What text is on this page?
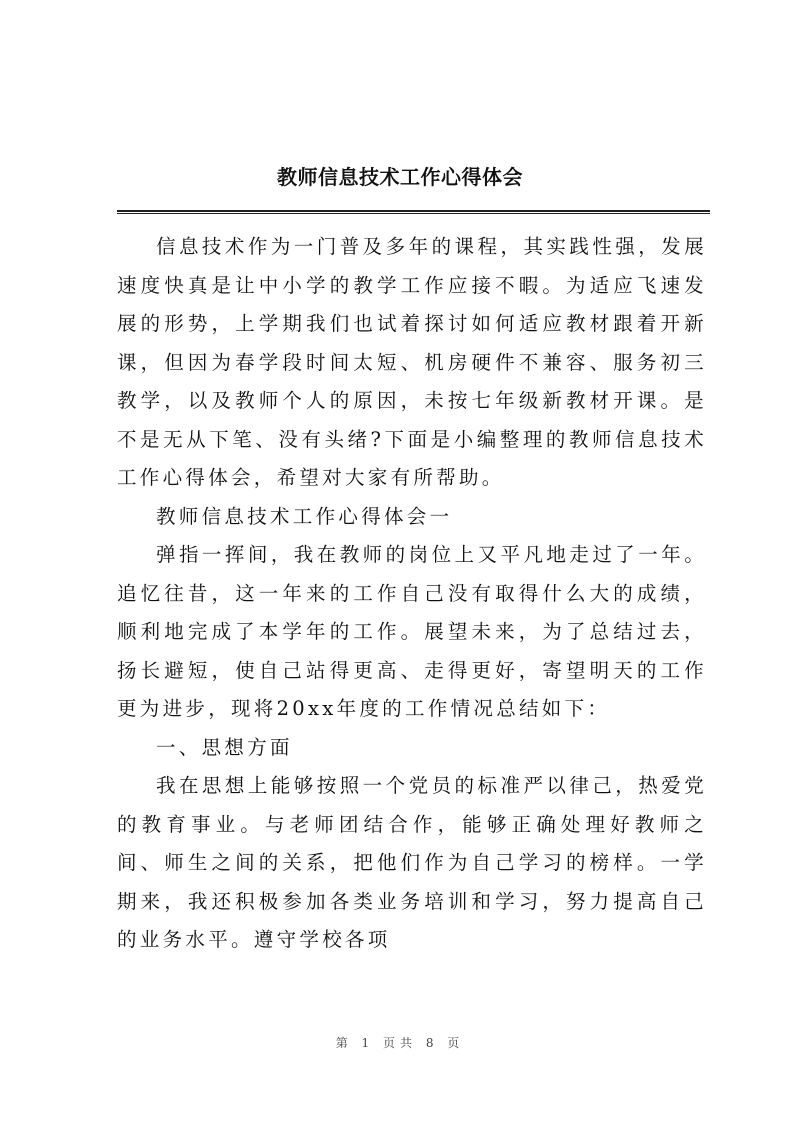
教师信息技术工作心得体会

信息技术作为一门普及多年的课程，其实践性强，发展速度快真是让中小学的教学工作应接不暇。为适应飞速发展的形势，上学期我们也试着探讨如何适应教材跟着开新课，但因为春学段时间太短、机房硬件不兼容、服务初三教学，以及教师个人的原因，未按七年级新教材开课。是不是无从下笔、没有头绪?下面是小编整理的教师信息技术工作心得体会，希望对大家有所帮助。

教师信息技术工作心得体会一

弹指一挥间，我在教师的岗位上又平凡地走过了一年。追忆往昔，这一年来的工作自己没有取得什么大的成绩，顺利地完成了本学年的工作。展望未来，为了总结过去，扬长避短，使自己站得更高、走得更好，寄望明天的工作更为进步，现将20xx年度的工作情况总结如下：

一、思想方面

我在思想上能够按照一个党员的标准严以律己，热爱党的教育事业。与老师团结合作，能够正确处理好教师之间、师生之间的关系，把他们作为自己学习的榜样。一学期来，我还积极参加各类业务培训和学习，努力提高自己的业务水平。遵守学校各项

第 1 页共 8 页
